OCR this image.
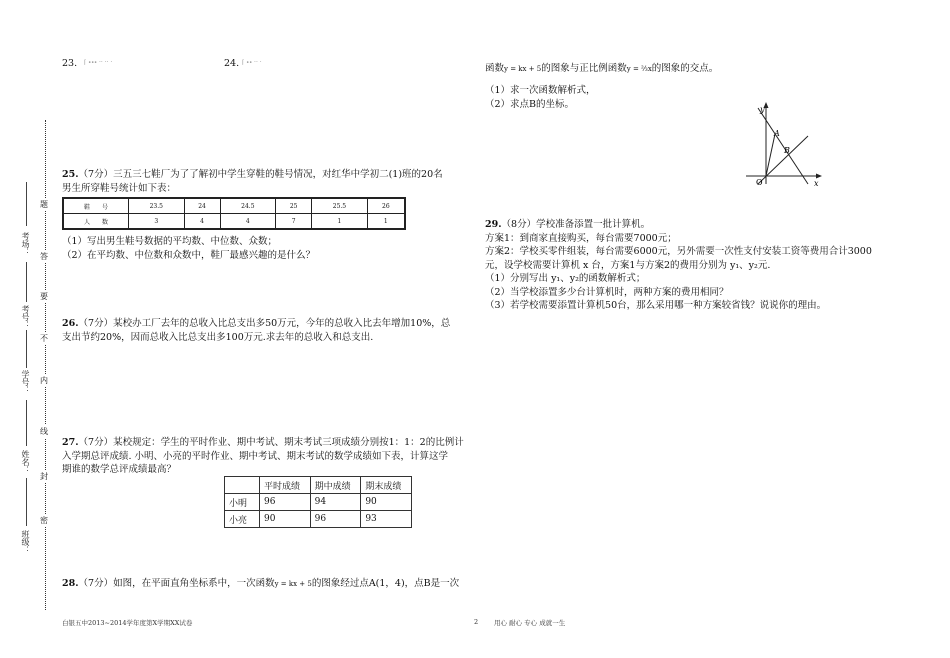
题
答
要
不
内
线
封
密
考场：
考号：
学号：
姓名：
班级：
23. ⌈ ∙∙∙ ·· ·· ·	24. ⌈ ∙∙ ·· ·
25.（7分）三五三七鞋厂为了了解初中学生穿鞋的鞋号情况，对红华中学初二(1)班的20名
男生所穿鞋号统计如下表：
鞋　　号	23.5	24	24.5	25	25.5	26
人　　数	3	4	4	7	1	1
（1）写出男生鞋号数据的平均数、中位数、众数；
（2）在平均数、中位数和众数中，鞋厂最感兴趣的是什么？
26.（7分）某校办工厂去年的总收入比总支出多50万元，今年的总收入比去年增加10%，总
支出节约20%，因而总收入比总支出多100万元.求去年的总收入和总支出.
27.（7分）某校规定：学生的平时作业、期中考试、期末考试三项成绩分别按1：1：2的比例计
入学期总评成绩. 小明、小亮的平时作业、期中考试、期末考试的数学成绩如下表，计算这学
期谁的数学总评成绩最高？
	平时成绩	期中成绩	期末成绩
小明	96	94	90
小亮	90	96	93
28.（7分）如图，在平面直角坐标系中，一次函数y = kx + 5的图象经过点A(1，4)，点B是一次
函数y = kx + 5的图象与正比例函数y = ⅔x的图象的交点。
（1）求一次函数解析式，
（2）求点B的坐标。	y
x
O
A
B
29.（8分）学校准备添置一批计算机。
方案1：到商家直接购买，每台需要7000元；
方案2：学校买零件组装，每台需要6000元，另外需要一次性支付安装工资等费用合计3000
元，设学校需要计算机 x 台，方案1与方案2的费用分别为 y₁、y₂元.
（1）分别写出 y₁、y₂的函数解析式；
（2）当学校添置多少台计算机时，两种方案的费用相同？
（3）若学校需要添置计算机50台，那么采用哪一种方案较省钱？说说你的理由。
白银五中2013~2014学年度第X学期XX试卷	2 用心 耐心 专心 成就一生
